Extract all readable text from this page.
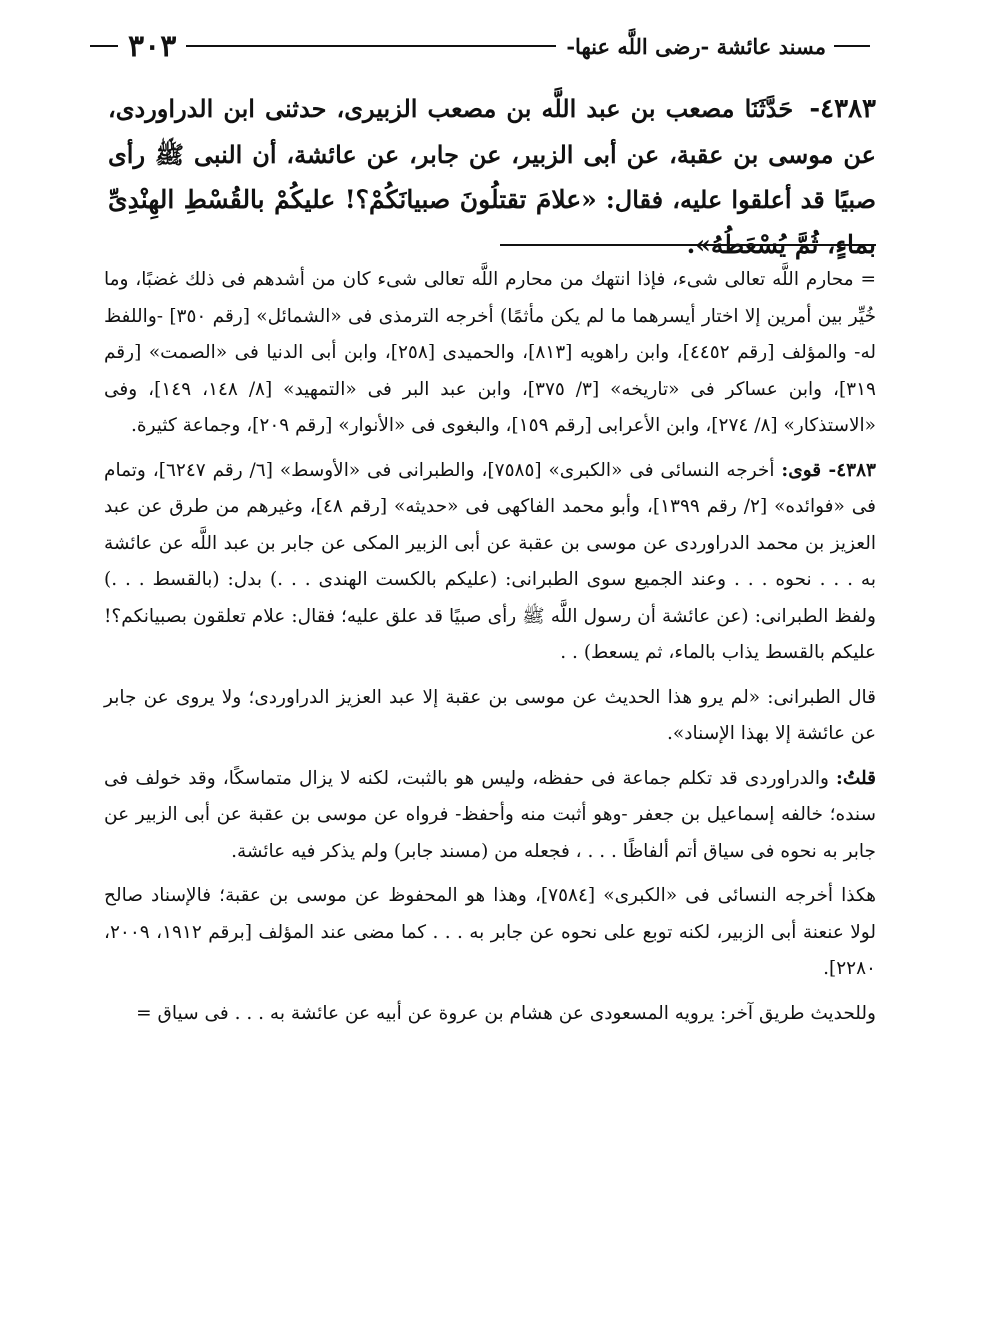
مسند عائشة -رضى اللَّه عنها-
٣٠٣
٤٣٨٣- حَدَّثَنَا مصعب بن عبد اللَّه بن مصعب الزبيرى، حدثنى ابن الدراوردى، عن موسى بن عقبة، عن أبى الزبير، عن جابر، عن عائشة، أن النبى ﷺ رأى صبيًا قد أعلقوا عليه، فقال: «علامَ تقتلُونَ صبيانَكُمْ؟! عليكُمْ بالقُسْطِ الهِنْدِىِّ بماءٍ، ثُمَّ يُسْعَطُهُ».

= محارم اللَّه تعالى شىء، فإذا انتهك من محارم اللَّه تعالى شىء كان من أشدهم فى ذلك غضبًا، وما خُيِّر بين أمرين إلا اختار أيسرهما ما لم يكن مأثمًا) أخرجه الترمذى فى «الشمائل» [رقم ٣٥٠] -واللفظ له- والمؤلف [رقم ٤٤٥٢]، وابن راهويه [٨١٣]، والحميدى [٢٥٨]، وابن أبى الدنيا فى «الصمت» [رقم ٣١٩]، وابن عساكر فى «تاريخه» [٣/ ٣٧٥]، وابن عبد البر فى «التمهيد» [٨/ ١٤٨، ١٤٩]، وفى «الاستذكار» [٨/ ٢٧٤]، وابن الأعرابى [رقم ١٥٩]، والبغوى فى «الأنوار» [رقم ٢٠٩]، وجماعة كثيرة.

٤٣٨٣- قوى: أخرجه النسائى فى «الكبرى» [٧٥٨٥]، والطبرانى فى «الأوسط» [٦/ رقم ٦٢٤٧]، وتمام فى «فوائده» [٢/ رقم ١٣٩٩]، وأبو محمد الفاكهى فى «حديثه» [رقم ٤٨]، وغيرهم من طرق عن عبد العزيز بن محمد الدراوردى عن موسى بن عقبة عن أبى الزبير المكى عن جابر بن عبد اللَّه عن عائشة به . . . نحوه . . . وعند الجميع سوى الطبرانى: (عليكم بالكست الهندى . . .) بدل: (بالقسط . . .) ولفظ الطبرانى: (عن عائشة أن رسول اللَّه ﷺ رأى صبيًا قد علق عليه؛ فقال: علام تعلقون بصبيانكم؟! عليكم بالقسط يذاب بالماء، ثم يسعط) . .

قال الطبرانى: «لم يرو هذا الحديث عن موسى بن عقبة إلا عبد العزيز الدراوردى؛ ولا يروى عن جابر عن عائشة إلا بهذا الإسناد».

قلتُ: والدراوردى قد تكلم جماعة فى حفظه، وليس هو بالثبت، لكنه لا يزال متماسكًا، وقد خولف فى سنده؛ خالفه إسماعيل بن جعفر -وهو أثبت منه وأحفظ- فرواه عن موسى بن عقبة عن أبى الزبير عن جابر به نحوه فى سياق أتم ألفاظًا . . . ، فجعله من (مسند جابر) ولم يذكر فيه عائشة.

هكذا أخرجه النسائى فى «الكبرى» [٧٥٨٤]، وهذا هو المحفوظ عن موسى بن عقبة؛ فالإسناد صالح لولا عنعنة أبى الزبير، لكنه توبع على نحوه عن جابر به . . . كما مضى عند المؤلف [برقم ١٩١٢، ٢٠٠٩، ٢٢٨٠].

وللحديث طريق آخر: يرويه المسعودى عن هشام بن عروة عن أبيه عن عائشة به . . . فى سياق =
